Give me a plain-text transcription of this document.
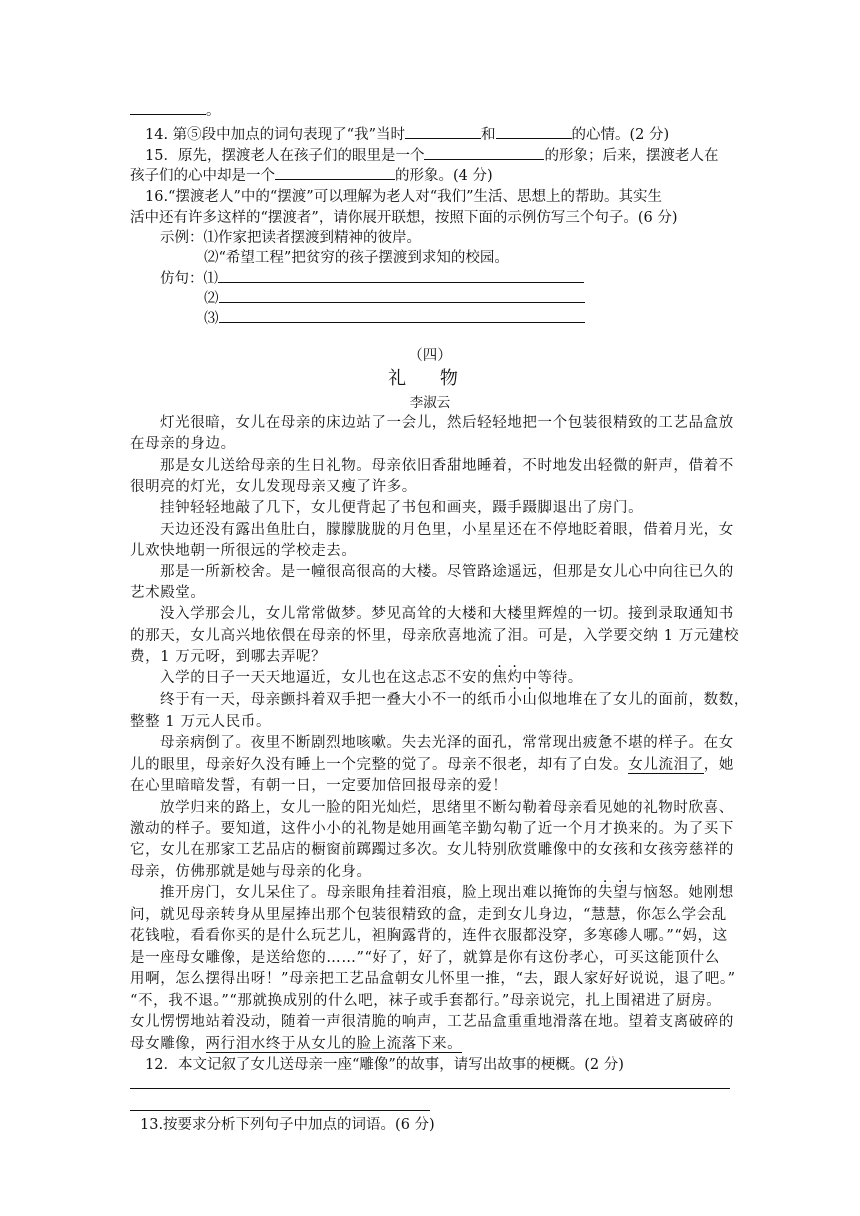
。
14. 第⑤段中加点的词句表现了“我”当时	和	的心情。(2 分)
15．原先，摆渡老人在孩子们的眼里是一个	的形象；后来，摆渡老人在
孩子们的心中却是一个	的形象。(4 分)
16.“摆渡老人”中的“摆渡”可以理解为老人对“我们”生活、思想上的帮助。其实生
活中还有许多这样的“摆渡者”，请你展开联想，按照下面的示例仿写三个句子。(6 分)
示例：⑴作家把读者摆渡到精神的彼岸。
⑵“希望工程”把贫穷的孩子摆渡到求知的校园。
仿句：⑴
⑵
⑶
（四）
礼 物
李淑云
灯光很暗，女儿在母亲的床边站了一会儿，然后轻轻地把一个包装很精致的工艺品盒放
在母亲的身边。
那是女儿送给母亲的生日礼物。母亲依旧香甜地睡着，不时地发出轻微的鼾声，借着不
很明亮的灯光，女儿发现母亲又瘦了许多。
挂钟轻轻地敲了几下，女儿便背起了书包和画夹，蹑手蹑脚退出了房门。
天边还没有露出鱼肚白，朦朦胧胧的月色里，小星星还在不停地眨着眼，借着月光，女
儿欢快地朝一所很远的学校走去。
那是一所新校舍。是一幢很高很高的大楼。尽管路途遥远，但那是女儿心中向往已久的
艺术殿堂。
没入学那会儿，女儿常常做梦。梦见高耸的大楼和大楼里辉煌的一切。接到录取通知书
的那天，女儿高兴地依偎在母亲的怀里，母亲欣喜地流了泪。可是，入学要交纳 1 万元建校
费，1 万元呀，到哪去弄呢？
入学的日子一天天地逼近，女儿也在这忐忑不安的焦灼中等待。
终于有一天，母亲颤抖着双手把一叠大小不一的纸币小山似地堆在了女儿的面前，数数，
整整 1 万元人民币。
母亲病倒了。夜里不断剧烈地咳嗽。失去光泽的面孔，常常现出疲惫不堪的样子。在女
儿的眼里，母亲好久没有睡上一个完整的觉了。母亲不很老，却有了白发。女儿流泪了，她
在心里暗暗发誓，有朝一日，一定要加倍回报母亲的爱！
放学归来的路上，女儿一脸的阳光灿烂，思绪里不断勾勒着母亲看见她的礼物时欣喜、
激动的样子。要知道，这件小小的礼物是她用画笔辛勤勾勒了近一个月才换来的。为了买下
它，女儿在那家工艺品店的橱窗前踯躅过多次。女儿特别欣赏雕像中的女孩和女孩旁慈祥的
母亲，仿佛那就是她与母亲的化身。
推开房门，女儿呆住了。母亲眼角挂着泪痕，脸上现出难以掩饰的失望与恼怒。她刚想
问，就见母亲转身从里屋捧出那个包装很精致的盒，走到女儿身边，“慧慧，你怎么学会乱
花钱啦，看看你买的是什么玩艺儿，袒胸露背的，连件衣服都没穿，多寒碜人哪。”“妈，这
是一座母女雕像，是送给您的……”“好了，好了，就算是你有这份孝心，可买这能顶什么
用啊，怎么摆得出呀！”母亲把工艺品盒朝女儿怀里一推，“去，跟人家好好说说，退了吧。”
“不，我不退。”“那就换成别的什么吧，袜子或手套都行。”母亲说完，扎上围裙进了厨房。
女儿愣愣地站着没动，随着一声很清脆的响声，工艺品盒重重地滑落在地。望着支离破碎的
母女雕像，两行泪水终于从女儿的脸上流落下来。
12．本文记叙了女儿送母亲一座“雕像”的故事，请写出故事的梗概。(2 分)
13.按要求分析下列句子中加点的词语。(6 分)
